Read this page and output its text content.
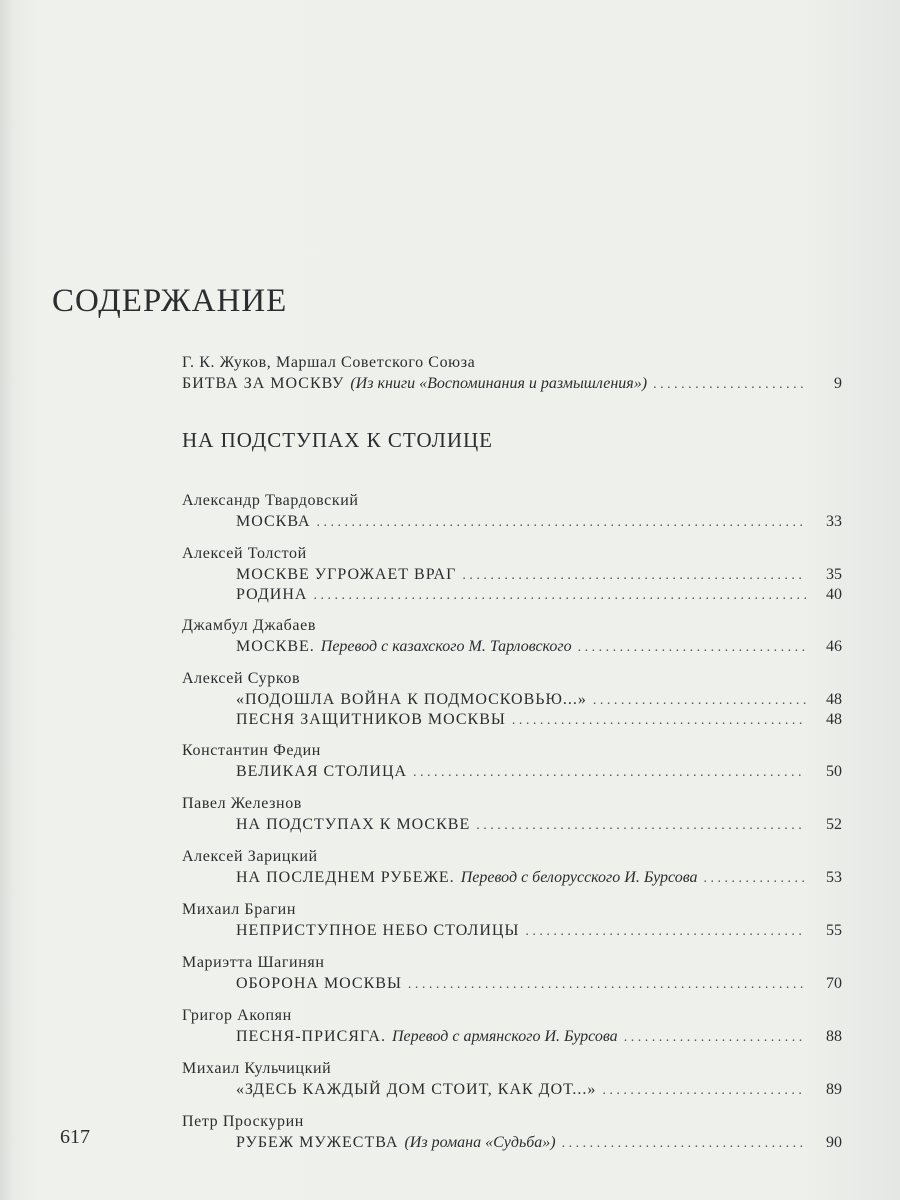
СОДЕРЖАНИЕ
Г. К. Жуков, Маршал Советского Союза
БИТВА ЗА МОСКВУ (Из книги «Воспоминания и размышления») . . .	9
НА ПОДСТУПАХ К СТОЛИЦЕ
Александр Твардовский
МОСКВА . . .	33
Алексей Толстой
МОСКВЕ УГРОЖАЕТ ВРАГ . . .	35
РОДИНА . . .	40
Джамбул Джабаев
МОСКВЕ. Перевод с казахского М. Тарловского . . .	46
Алексей Сурков
«ПОДОШЛА ВОЙНА К ПОДМОСКОВЬЮ...» . . .	48
ПЕСНЯ ЗАЩИТНИКОВ МОСКВЫ . . .	48
Константин Федин
ВЕЛИКАЯ СТОЛИЦА . . .	50
Павел Железнов
НА ПОДСТУПАХ К МОСКВЕ . . .	52
Алексей Зарицкий
НА ПОСЛЕДНЕМ РУБЕЖЕ. Перевод с белорусского И. Бурсова . . .	53
Михаил Брагин
НЕПРИСТУПНОЕ НЕБО СТОЛИЦЫ . . .	55
Мариэтта Шагинян
ОБОРОНА МОСКВЫ . . .	70
Григор Акопян
ПЕСНЯ-ПРИСЯГА. Перевод с армянского И. Бурсова . . .	88
Михаил Кульчицкий
«ЗДЕСЬ КАЖДЫЙ ДОМ СТОИТ, КАК ДОТ...» . . .	89
Петр Проскурин
РУБЕЖ МУЖЕСТВА (Из романа «Судьба») . . .	90
617
